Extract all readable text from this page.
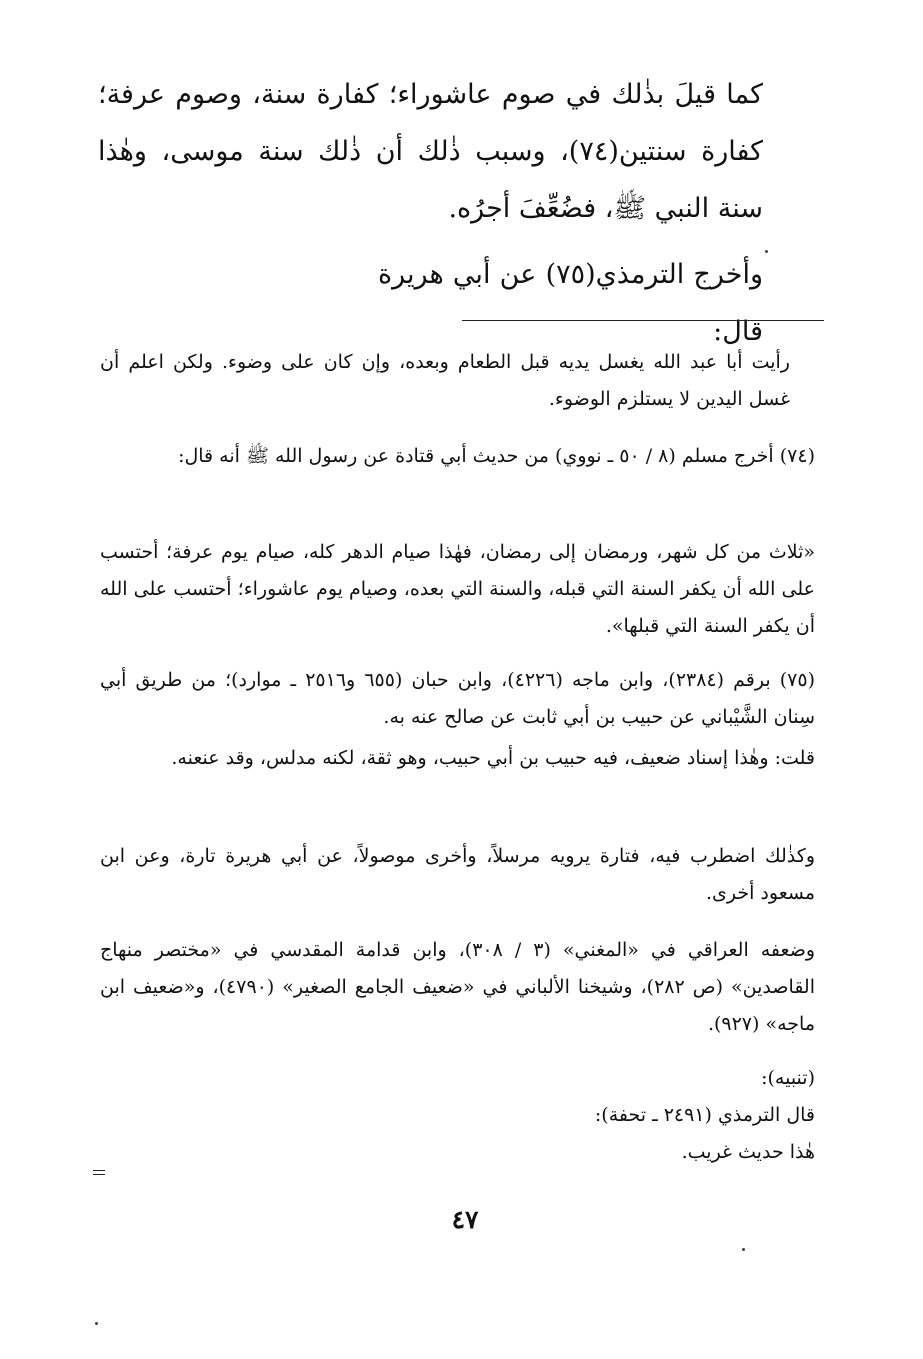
كما قيلَ بذٰلك في صوم عاشوراء؛ كفارة سنة، وصوم عرفة؛ كفارة سنتين(٧٤)، وسبب ذٰلك أن ذٰلك سنة موسى، وهٰذا سنة النبي ﷺ، فضُعِّفَ أجرُه.
وأخرج الترمذي(٧٥) عن أبي هريرة قال:
رأيت أبا عبد الله يغسل يديه قبل الطعام وبعده، وإن كان على وضوء. ولكن اعلم أن غسل اليدين لا يستلزم الوضوء.
(٧٤) أخرج مسلم (٨ / ٥٠ ـ نووي) من حديث أبي قتادة عن رسول الله ﷺ أنه قال:
«ثلاث من كل شهر، ورمضان إلى رمضان، فهٰذا صيام الدهر كله، صيام يوم عرفة؛ أحتسب على الله أن يكفر السنة التي قبله، والسنة التي بعده، وصيام يوم عاشوراء؛ أحتسب على الله أن يكفر السنة التي قبلها».
(٧٥) برقم (٢٣٨٤)، وابن ماجه (٤٢٢٦)، وابن حبان (٦٥٥ و٢٥١٦ ـ موارد)؛ من طريق أبي سِنان الشَّيْباني عن حبيب بن أبي ثابت عن صالح عنه به.
قلت: وهٰذا إسناد ضعيف، فيه حبيب بن أبي حبيب، وهو ثقة، لكنه مدلس، وقد عنعنه.
وكذٰلك اضطرب فيه، فتارة يرويه مرسلاً، وأخرى موصولاً، عن أبي هريرة تارة، وعن ابن مسعود أخرى.
وضعفه العراقي في «المغني» (٣ / ٣٠٨)، وابن قدامة المقدسي في «مختصر منهاج القاصدين» (ص ٢٨٢)، وشيخنا الألباني في «ضعيف الجامع الصغير» (٤٧٩٠)، و«ضعيف ابن ماجه» (٩٢٧).
(تنبيه):
قال الترمذي (٢٤٩١ ـ تحفة):
هٰذا حديث غريب.
٤٧
